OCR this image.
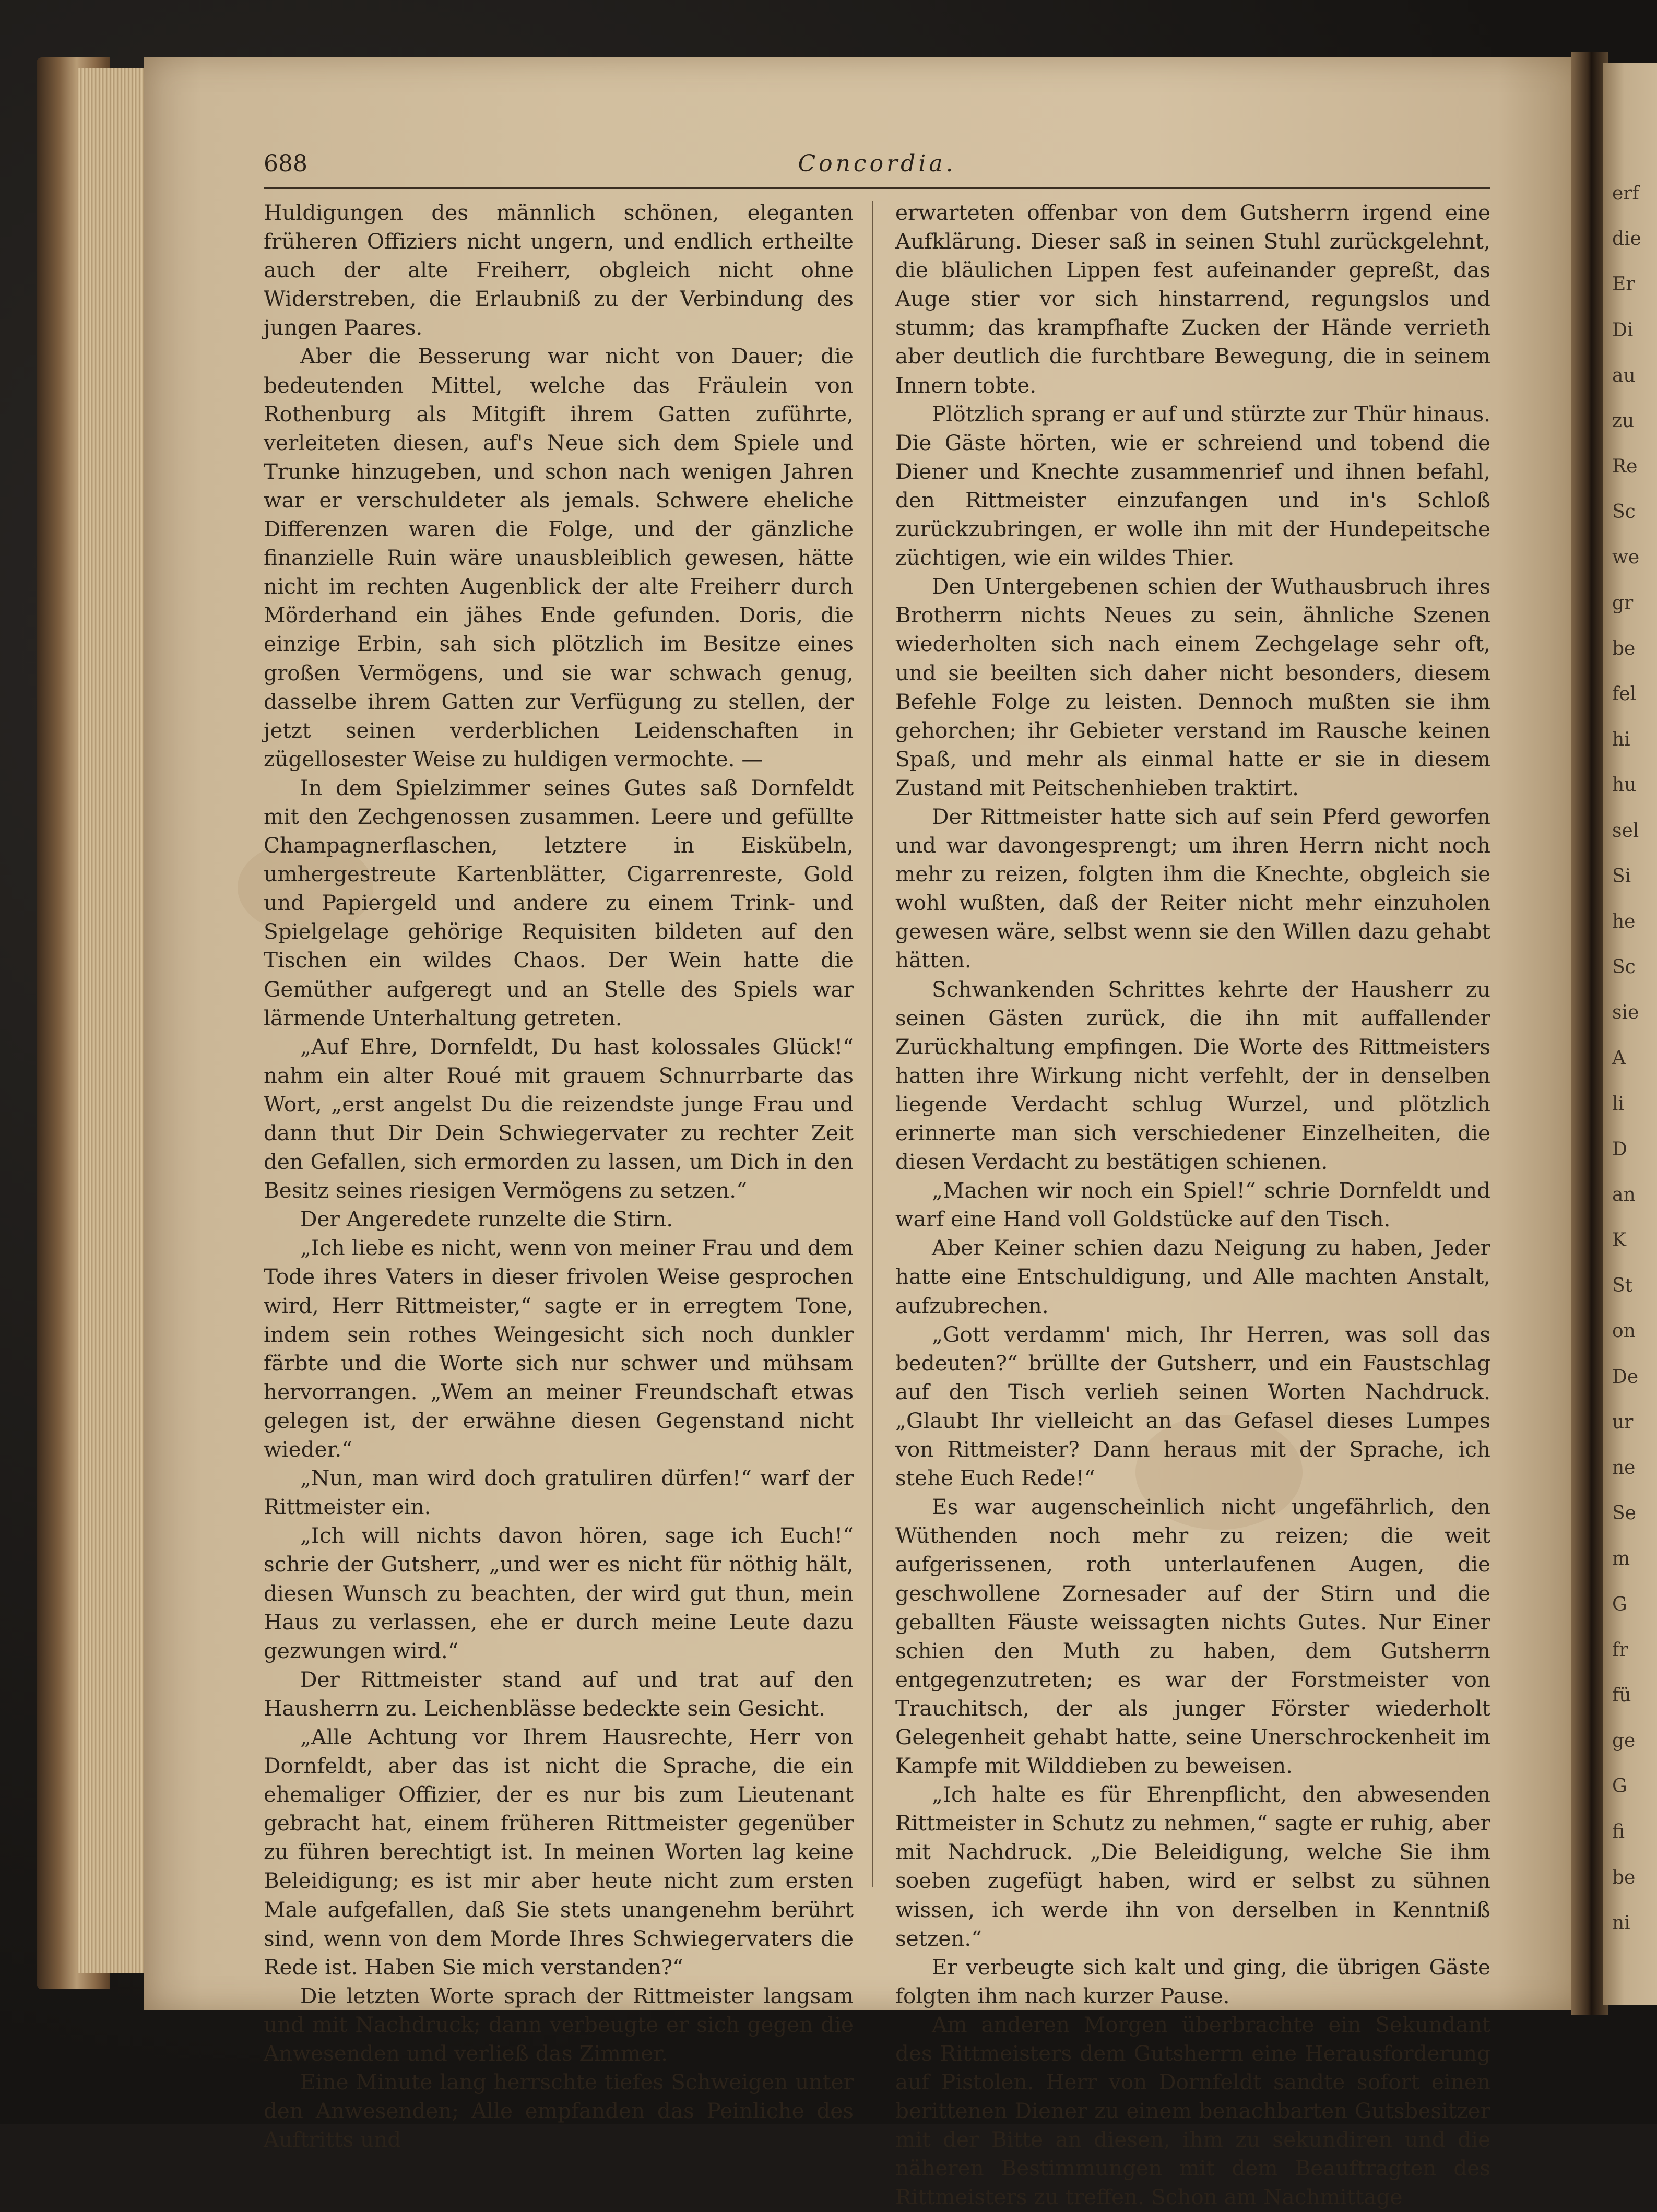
erf
die
Er
Di
au
zu
Re
Sc
we
gr
be
fel
hi
hu
sel
Si
he
Sc
sie
A
li
D
an
K
St
on
De
ur
ne
Se
m
G
fr
fü
ge
G
fi
be
ni
688	Concordia.

Huldigungen des männlich schönen, eleganten früheren Offiziers nicht ungern, und endlich ertheilte auch der alte Freiherr, obgleich nicht ohne Widerstreben, die Erlaubniß zu der Verbindung des jungen Paares.

Aber die Besserung war nicht von Dauer; die bedeutenden Mittel, welche das Fräulein von Rothenburg als Mitgift ihrem Gatten zuführte, verleiteten diesen, auf's Neue sich dem Spiele und Trunke hinzugeben, und schon nach wenigen Jahren war er verschuldeter als jemals. Schwere eheliche Differenzen waren die Folge, und der gänzliche finanzielle Ruin wäre unausbleiblich gewesen, hätte nicht im rechten Augenblick der alte Freiherr durch Mörderhand ein jähes Ende gefunden. Doris, die einzige Erbin, sah sich plötzlich im Besitze eines großen Vermögens, und sie war schwach genug, dasselbe ihrem Gatten zur Verfügung zu stellen, der jetzt seinen verderblichen Leidenschaften in zügellosester Weise zu huldigen vermochte. —

In dem Spielzimmer seines Gutes saß Dornfeldt mit den Zechgenossen zusammen. Leere und gefüllte Champagnerflaschen, letztere in Eiskübeln, umhergestreute Kartenblätter, Cigarrenreste, Gold und Papiergeld und andere zu einem Trink- und Spielgelage gehörige Requisiten bildeten auf den Tischen ein wildes Chaos. Der Wein hatte die Gemüther aufgeregt und an Stelle des Spiels war lärmende Unterhaltung getreten.

„Auf Ehre, Dornfeldt, Du hast kolossales Glück!“ nahm ein alter Roué mit grauem Schnurrbarte das Wort, „erst angelst Du die reizendste junge Frau und dann thut Dir Dein Schwiegervater zu rechter Zeit den Gefallen, sich ermorden zu lassen, um Dich in den Besitz seines riesigen Vermögens zu setzen.“

Der Angeredete runzelte die Stirn.

„Ich liebe es nicht, wenn von meiner Frau und dem Tode ihres Vaters in dieser frivolen Weise gesprochen wird, Herr Rittmeister,“ sagte er in erregtem Tone, indem sein rothes Weingesicht sich noch dunkler färbte und die Worte sich nur schwer und mühsam hervorrangen. „Wem an meiner Freundschaft etwas gelegen ist, der erwähne diesen Gegenstand nicht wieder.“

„Nun, man wird doch gratuliren dürfen!“ warf der Rittmeister ein.

„Ich will nichts davon hören, sage ich Euch!“ schrie der Gutsherr, „und wer es nicht für nöthig hält, diesen Wunsch zu beachten, der wird gut thun, mein Haus zu verlassen, ehe er durch meine Leute dazu gezwungen wird.“

Der Rittmeister stand auf und trat auf den Hausherrn zu. Leichenblässe bedeckte sein Gesicht.

„Alle Achtung vor Ihrem Hausrechte, Herr von Dornfeldt, aber das ist nicht die Sprache, die ein ehemaliger Offizier, der es nur bis zum Lieutenant gebracht hat, einem früheren Rittmeister gegenüber zu führen berechtigt ist. In meinen Worten lag keine Beleidigung; es ist mir aber heute nicht zum ersten Male aufgefallen, daß Sie stets unangenehm berührt sind, wenn von dem Morde Ihres Schwiegervaters die Rede ist. Haben Sie mich verstanden?“

Die letzten Worte sprach der Rittmeister langsam und mit Nachdruck; dann verbeugte er sich gegen die Anwesenden und verließ das Zimmer.

Eine Minute lang herrschte tiefes Schweigen unter den Anwesenden; Alle empfanden das Peinliche des Auftritts und

erwarteten offenbar von dem Gutsherrn irgend eine Aufklärung. Dieser saß in seinen Stuhl zurückgelehnt, die bläulichen Lippen fest aufeinander gepreßt, das Auge stier vor sich hinstarrend, regungslos und stumm; das krampfhafte Zucken der Hände verrieth aber deutlich die furchtbare Bewegung, die in seinem Innern tobte.

Plötzlich sprang er auf und stürzte zur Thür hinaus. Die Gäste hörten, wie er schreiend und tobend die Diener und Knechte zusammenrief und ihnen befahl, den Rittmeister einzufangen und in's Schloß zurückzubringen, er wolle ihn mit der Hundepeitsche züchtigen, wie ein wildes Thier.

Den Untergebenen schien der Wuthausbruch ihres Brotherrn nichts Neues zu sein, ähnliche Szenen wiederholten sich nach einem Zechgelage sehr oft, und sie beeilten sich daher nicht besonders, diesem Befehle Folge zu leisten. Dennoch mußten sie ihm gehorchen; ihr Gebieter verstand im Rausche keinen Spaß, und mehr als einmal hatte er sie in diesem Zustand mit Peitschenhieben traktirt.

Der Rittmeister hatte sich auf sein Pferd geworfen und war davongesprengt; um ihren Herrn nicht noch mehr zu reizen, folgten ihm die Knechte, obgleich sie wohl wußten, daß der Reiter nicht mehr einzuholen gewesen wäre, selbst wenn sie den Willen dazu gehabt hätten.

Schwankenden Schrittes kehrte der Hausherr zu seinen Gästen zurück, die ihn mit auffallender Zurückhaltung empfingen. Die Worte des Rittmeisters hatten ihre Wirkung nicht verfehlt, der in denselben liegende Verdacht schlug Wurzel, und plötzlich erinnerte man sich verschiedener Einzelheiten, die diesen Verdacht zu bestätigen schienen.

„Machen wir noch ein Spiel!“ schrie Dornfeldt und warf eine Hand voll Goldstücke auf den Tisch.

Aber Keiner schien dazu Neigung zu haben, Jeder hatte eine Entschuldigung, und Alle machten Anstalt, aufzubrechen.

„Gott verdamm' mich, Ihr Herren, was soll das bedeuten?“ brüllte der Gutsherr, und ein Faustschlag auf den Tisch verlieh seinen Worten Nachdruck. „Glaubt Ihr vielleicht an das Gefasel dieses Lumpes von Rittmeister? Dann heraus mit der Sprache, ich stehe Euch Rede!“

Es war augenscheinlich nicht ungefährlich, den Wüthenden noch mehr zu reizen; die weit aufgerissenen, roth unterlaufenen Augen, die geschwollene Zornesader auf der Stirn und die geballten Fäuste weissagten nichts Gutes. Nur Einer schien den Muth zu haben, dem Gutsherrn entgegenzutreten; es war der Forstmeister von Trauchitsch, der als junger Förster wiederholt Gelegenheit gehabt hatte, seine Unerschrockenheit im Kampfe mit Wilddieben zu beweisen.

„Ich halte es für Ehrenpflicht, den abwesenden Rittmeister in Schutz zu nehmen,“ sagte er ruhig, aber mit Nachdruck. „Die Beleidigung, welche Sie ihm soeben zugefügt haben, wird er selbst zu sühnen wissen, ich werde ihn von derselben in Kenntniß setzen.“

Er verbeugte sich kalt und ging, die übrigen Gäste folgten ihm nach kurzer Pause.

Am anderen Morgen überbrachte ein Sekundant des Rittmeisters dem Gutsherrn eine Herausforderung auf Pistolen. Herr von Dornfeldt sandte sofort einen berittenen Diener zu einem benachbarten Gutsbesitzer mit der Bitte an diesen, ihm zu sekundiren und die näheren Bestimmungen mit dem Beauftragten des Rittmeisters zu treffen. Schon am Nachmittage
